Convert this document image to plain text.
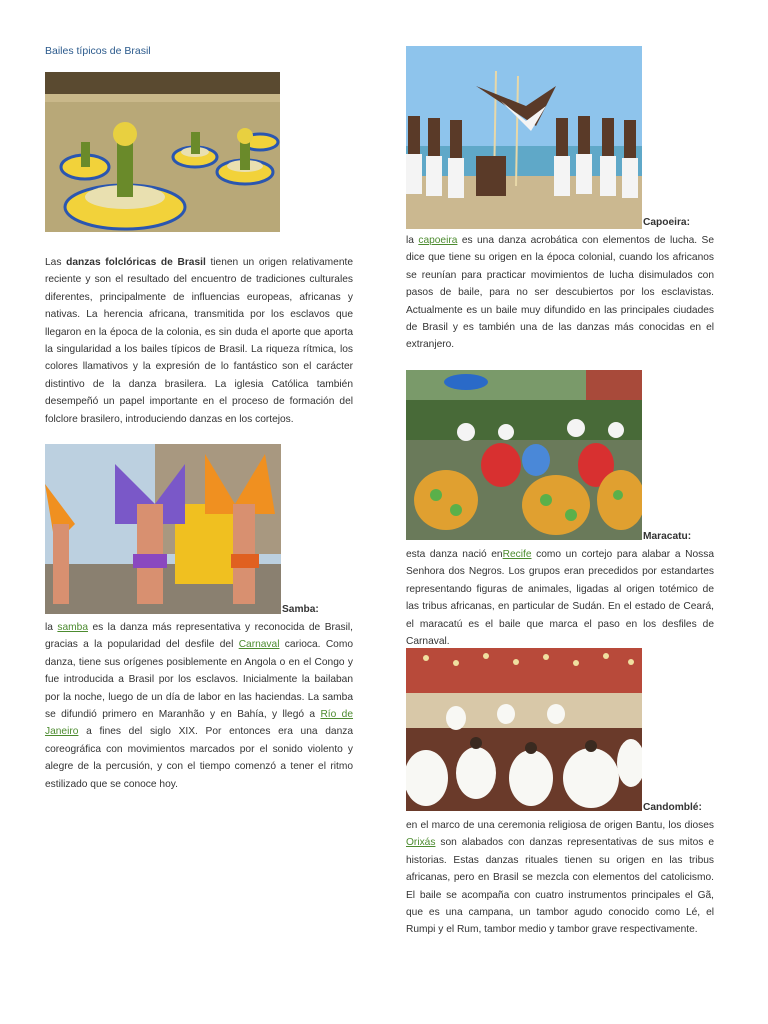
Bailes típicos de Brasil

Las danzas folclóricas de Brasil tienen un origen relativamente reciente y son el resultado del encuentro de tradiciones culturales diferentes, principalmente de influencias europeas, africanas y nativas. La herencia africana, transmitida por los esclavos que llegaron en la época de la colonia, es sin duda el aporte que aporta la singularidad a los bailes típicos de Brasil. La riqueza rítmica, los colores llamativos y la expresión de lo fantástico son el carácter distintivo de la danza brasilera. La iglesia Católica también desempeñó un papel importante en el proceso de formación del folclore brasilero, introduciendo danzas en los cortejos.

Samba:

la samba es la danza más representativa y reconocida de Brasil, gracias a la popularidad del desfile del Carnaval carioca. Como danza, tiene sus orígenes posiblemente en Angola o en el Congo y fue introducida a Brasil por los esclavos. Inicialmente la bailaban por la noche, luego de un día de labor en las haciendas. La samba se difundió primero en Maranhão y en Bahía, y llegó a Río de Janeiro a fines del siglo XIX. Por entonces era una danza coreográfica con movimientos marcados por el sonido violento y alegre de la percusión, y con el tiempo comenzó a tener el ritmo estilizado que se conoce hoy.

Capoeira:

la capoeira es una danza acrobática con elementos de lucha. Se dice que tiene su origen en la época colonial, cuando los africanos se reunían para practicar movimientos de lucha disimulados con pasos de baile, para no ser descubiertos por los esclavistas. Actualmente es un baile muy difundido en las principales ciudades de Brasil y es también una de las danzas más conocidas en el extranjero.

Maracatu:

esta danza nació enRecife como un cortejo para alabar a Nossa Senhora dos Negros. Los grupos eran precedidos por estandartes representando figuras de animales, ligadas al origen totémico de las tribus africanas, en particular de Sudán. En el estado de Ceará, el maracatú es el baile que marca el paso en los desfiles de Carnaval.

Candomblé:

en el marco de una ceremonia religiosa de origen Bantu, los dioses Orixás son alabados con danzas representativas de sus mitos e historias. Estas danzas rituales tienen su origen en las tribus africanas, pero en Brasil se mezcla con elementos del catolicismo. El baile se acompaña con cuatro instrumentos principales el Gã, que es una campana, un tambor agudo conocido como Lé, el Rumpi y el Rum, tambor medio y tambor grave respectivamente.
